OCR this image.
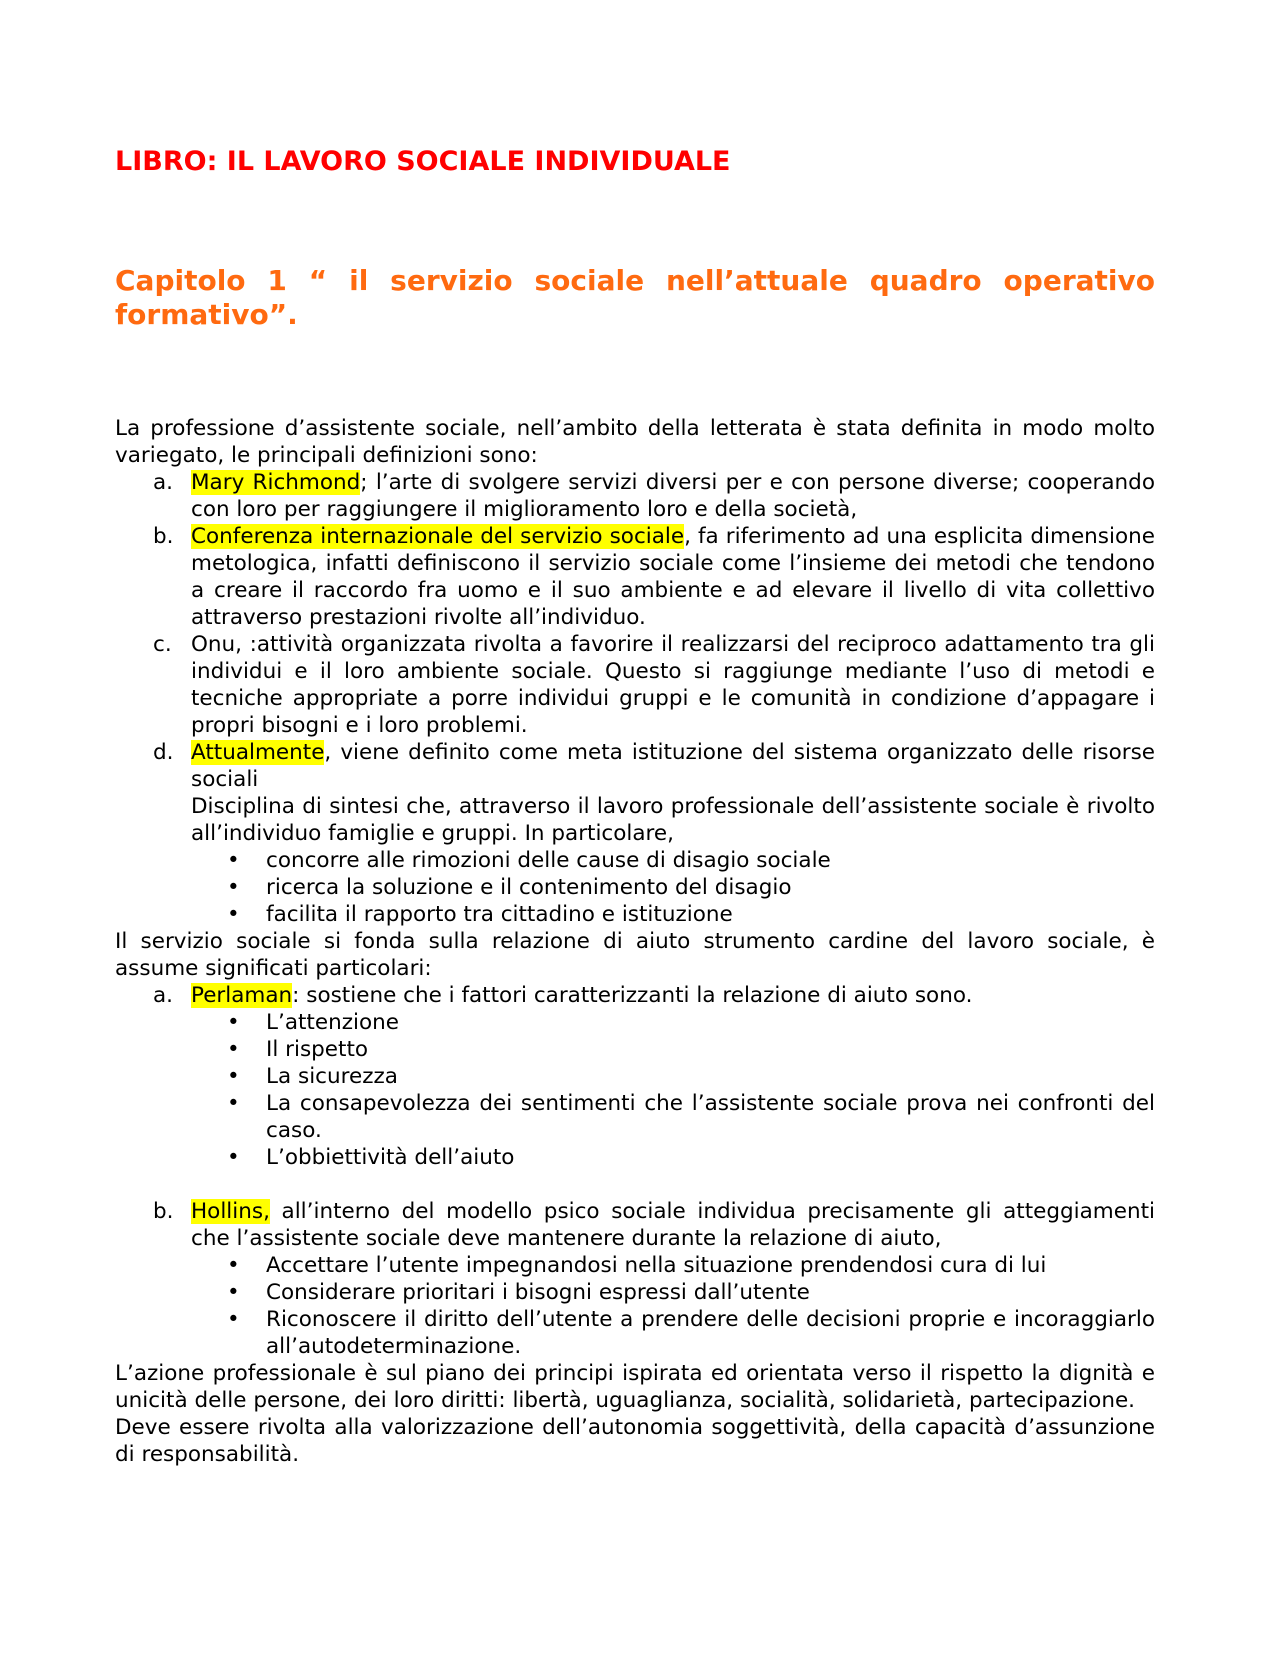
LIBRO: IL LAVORO SOCIALE INDIVIDUALE
Capitolo 1 “ il servizio sociale nell’attuale quadro operativo formativo”.

La professione d’assistente sociale, nell’ambito della letterata è stata definita in modo molto variegato, le principali definizioni sono:

a. Mary Richmond; l’arte di svolgere servizi diversi per e con persone diverse; cooperando con loro per raggiungere il miglioramento loro e della società,
b. Conferenza internazionale del servizio sociale, fa riferimento ad una esplicita dimensione metologica, infatti definiscono il servizio sociale come l’insieme dei metodi che tendono a creare il raccordo fra uomo e il suo ambiente e ad elevare il livello di vita collettivo attraverso prestazioni rivolte all’individuo.
c. Onu, :attività organizzata rivolta a favorire il realizzarsi del reciproco adattamento tra gli individui e il loro ambiente sociale. Questo si raggiunge mediante l’uso di metodi e tecniche appropriate a porre individui gruppi e le comunità in condizione d’appagare i propri bisogni e i loro problemi.
d. Attualmente, viene definito come meta istituzione del sistema organizzato delle risorse sociali
Disciplina di sintesi che, attraverso il lavoro professionale dell’assistente sociale è rivolto all’individuo famiglie e gruppi. In particolare,
• concorre alle rimozioni delle cause di disagio sociale
• ricerca la soluzione e il contenimento del disagio
• facilita il rapporto tra cittadino e istituzione

Il servizio sociale si fonda sulla relazione di aiuto strumento cardine del lavoro sociale, è assume significati particolari:

a. Perlaman: sostiene che i fattori caratterizzanti la relazione di aiuto sono.
• L’attenzione
• Il rispetto
• La sicurezza
• La consapevolezza dei sentimenti che l’assistente sociale prova nei confronti del caso.
• L’obbiettività dell’aiuto
b. Hollins, all’interno del modello psico sociale individua precisamente gli atteggiamenti che l’assistente sociale deve mantenere durante la relazione di aiuto,
• Accettare l’utente impegnandosi nella situazione prendendosi cura di lui
• Considerare prioritari i bisogni espressi dall’utente
• Riconoscere il diritto dell’utente a prendere delle decisioni proprie e incoraggiarlo all’autodeterminazione.

L’azione professionale è sul piano dei principi ispirata ed orientata verso il rispetto la dignità e unicità delle persone, dei loro diritti: libertà, uguaglianza, socialità, solidarietà, partecipazione.

Deve essere rivolta alla valorizzazione dell’autonomia soggettività, della capacità d’assunzione di responsabilità.
